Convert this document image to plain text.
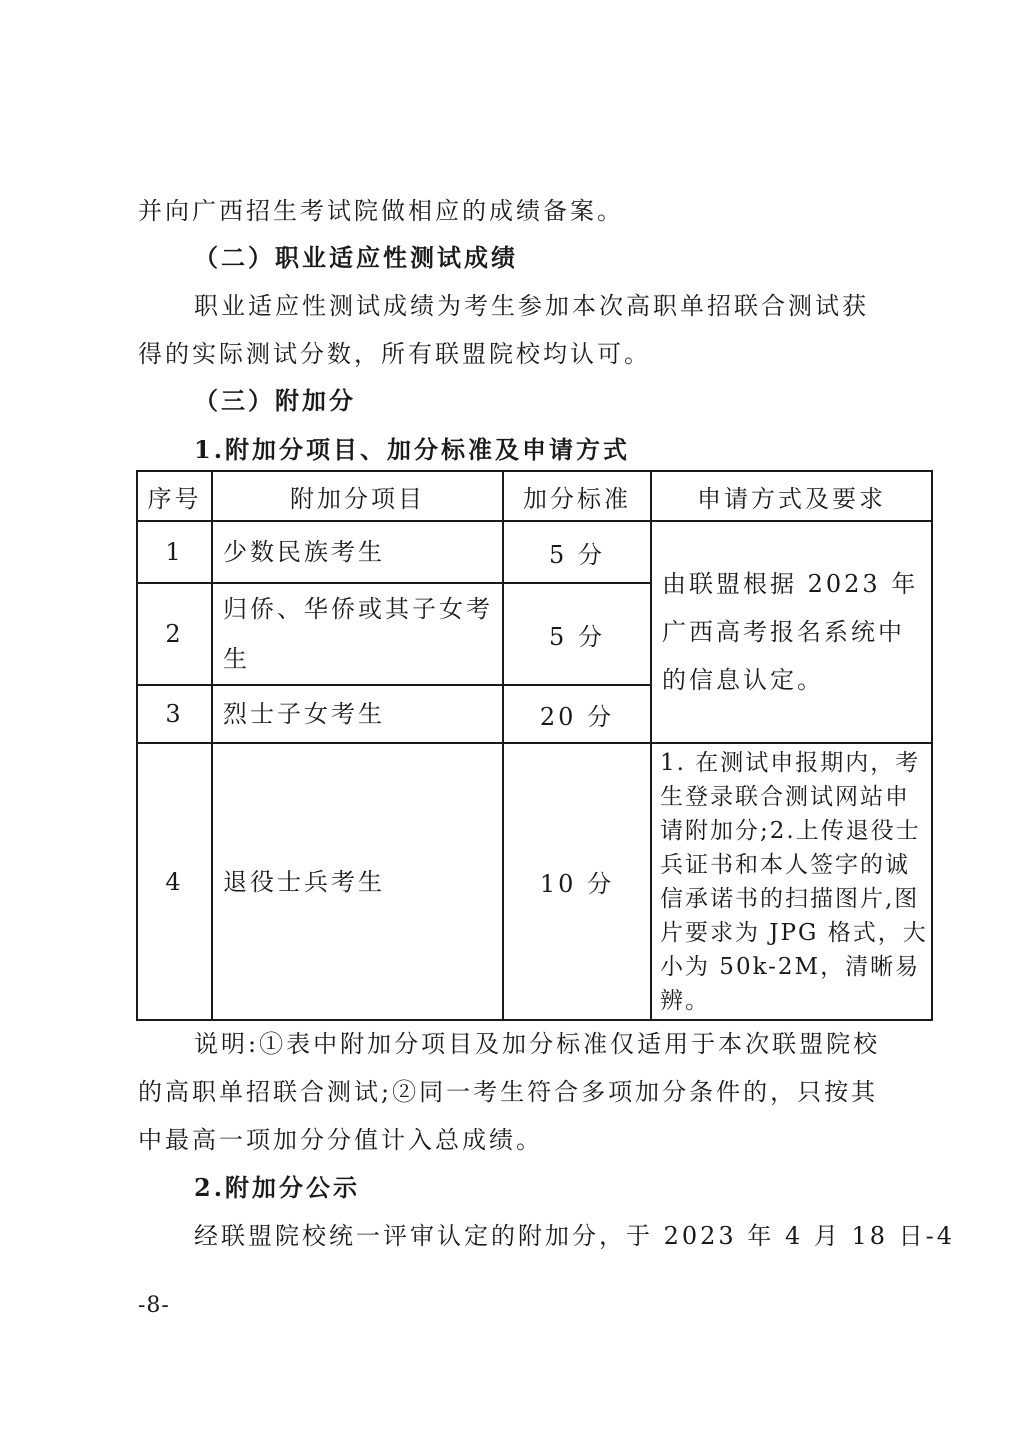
并向广西招生考试院做相应的成绩备案。
（二）职业适应性测试成绩
职业适应性测试成绩为考生参加本次高职单招联合测试获
得的实际测试分数，所有联盟院校均认可。
（三）附加分
1.附加分项目、加分标准及申请方式
序号	附加分项目	加分标准	申请方式及要求
1	少数民族考生	5 分	由联盟根据 2023 年广西高考报名系统中的信息认定。
2	归侨、华侨或其子女考生	5 分	
3	烈士子女考生	20 分	
4	退役士兵考生	10 分	1. 在测试申报期内，考生登录联合测试网站申请附加分;2.上传退役士兵证书和本人签字的诚信承诺书的扫描图片,图片要求为 JPG 格式，大小为 50k-2M，清晰易辨。
说明:①表中附加分项目及加分标准仅适用于本次联盟院校
的高职单招联合测试;②同一考生符合多项加分条件的，只按其
中最高一项加分分值计入总成绩。
2.附加分公示
经联盟院校统一评审认定的附加分，于 2023 年 4 月 18 日-4
-8-
